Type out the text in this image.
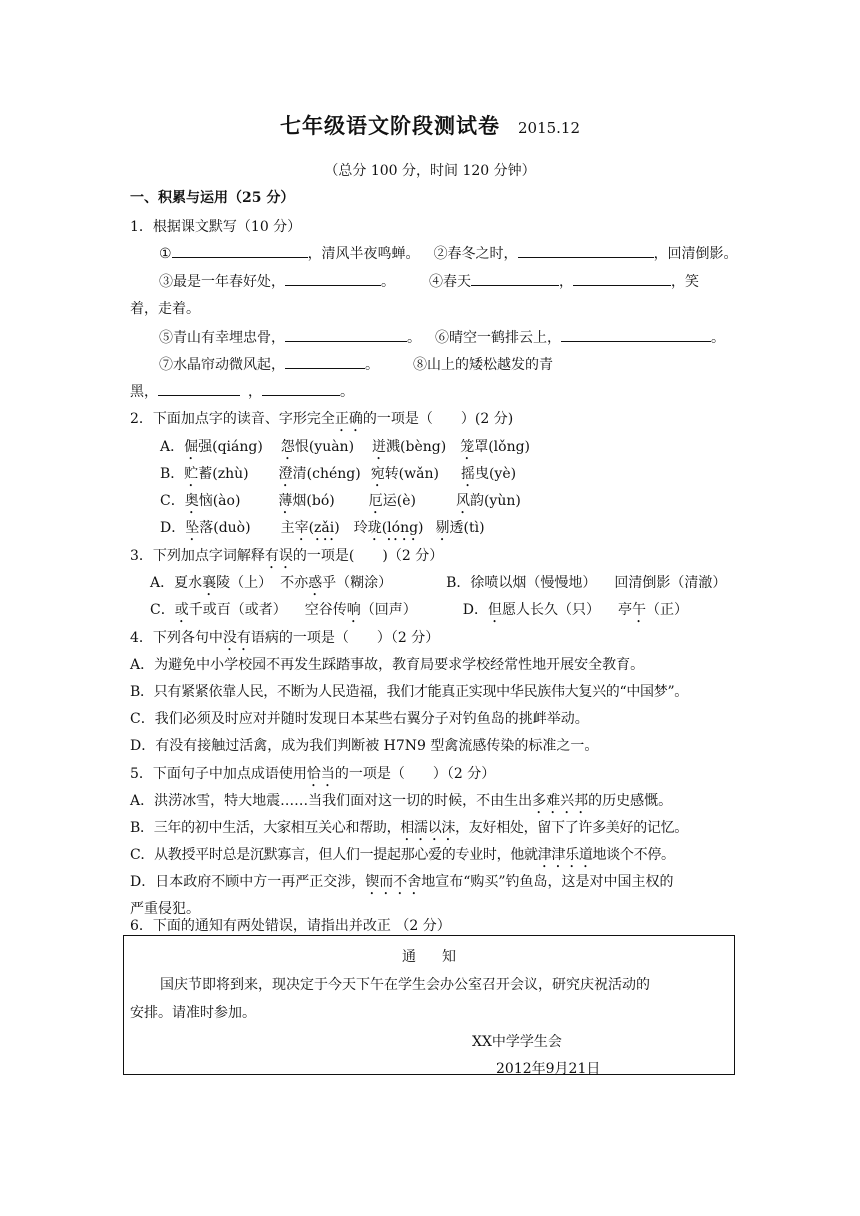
七年级语文阶段测试卷 2015.12
（总分 100 分，时间 120 分钟）
一、积累与运用（25 分）
1．根据课文默写（10 分）
①	，清风半夜鸣蝉。 ②春冬之时，	，回清倒影。
③最是一年春好处，	。 ④春天	，	，笑
着，走着。
⑤青山有幸埋忠骨，	。 ⑥晴空一鹤排云上，	。
⑦水晶帘动微风起，	。 ⑧山上的矮松越发的青
黑，	，	。
2．下面加点字的读音、字形完全正确的一项是（　　）(2 分)
A．倔强(qiáng) 怨恨(yuàn) 迸溅(bèng) 笼罩(lǒng)
B．贮蓄(zhù) 澄清(chéng) 宛转(wǎn) 摇曳(yè)
C．奥恼(ào)	薄烟(bó) 厄运(è)	风韵(yùn)
D．坠落(duò) 主宰(zǎi) 玲珑(lóng) 剔透(tì)
3．下列加点字词解释有误的一项是(　　)（2 分）
A．夏水襄陵（上） 不亦惑乎（糊涂）	B．徐喷以烟（慢慢地） 回清倒影（清澈）
C．或千或百（或者） 空谷传响（回声）	D．但愿人长久（只） 亭午（正）
4．下列各句中没有语病的一项是（　　）（2 分）
A．为避免中小学校园不再发生踩踏事故，教育局要求学校经常性地开展安全教育。
B．只有紧紧依靠人民，不断为人民造福，我们才能真正实现中华民族伟大复兴的“中国梦”。
C．我们必须及时应对并随时发现日本某些右翼分子对钓鱼岛的挑衅举动。
D．有没有接触过活禽，成为我们判断被 H7N9 型禽流感传染的标准之一。
5．下面句子中加点成语使用恰当的一项是（　　）（2 分）
A．洪涝冰雪，特大地震……当我们面对这一切的时候，不由生出多难兴邦的历史感慨。
B．三年的初中生活，大家相互关心和帮助，相濡以沫，友好相处，留下了许多美好的记忆。
C．从教授平时总是沉默寡言，但人们一提起那心爱的专业时，他就津津乐道地谈个不停。
D．日本政府不顾中方一再严正交涉，锲而不舍地宣布“购买”钓鱼岛，这是对中国主权的
严重侵犯。
6．下面的通知有两处错误，请指出并改正 （2 分）
通知
国庆节即将到来，现决定于今天下午在学生会办公室召开会议，研究庆祝活动的
安排。请准时参加。
XX中学学生会
2012年9月21日
